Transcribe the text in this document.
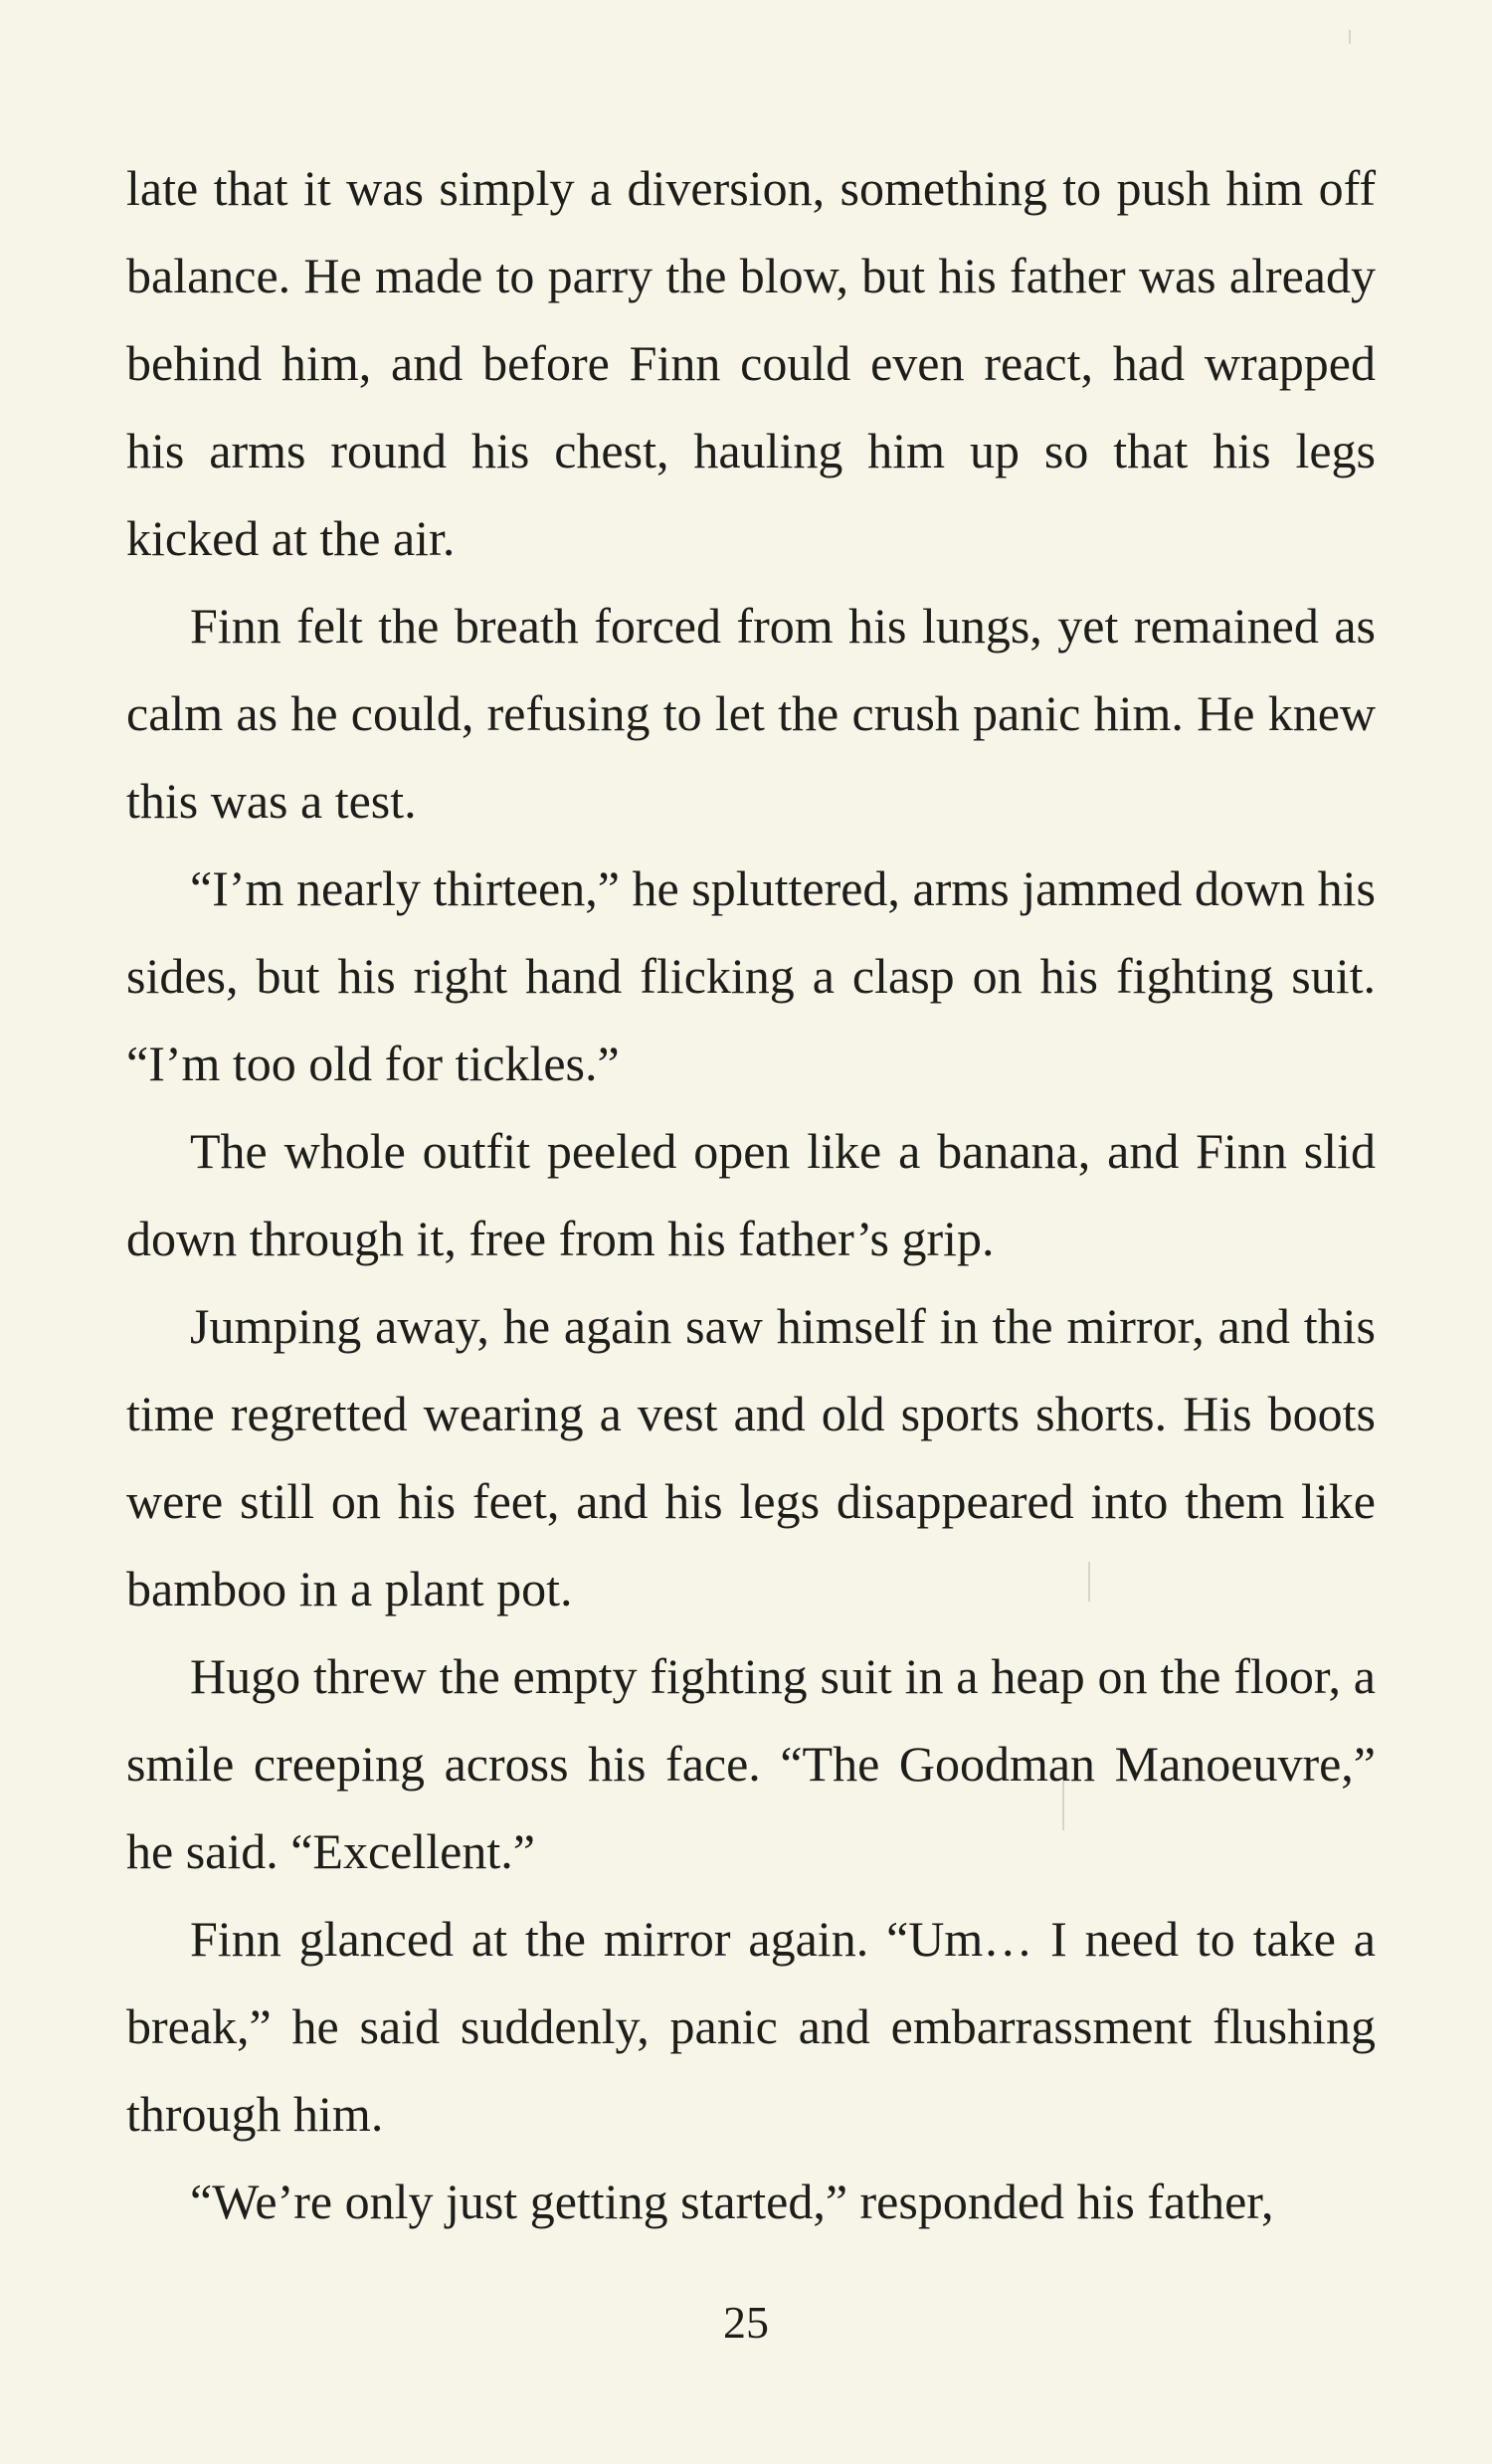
late that it was simply a diversion, something to push him off balance. He made to parry the blow, but his father was already behind him, and before Finn could even react, had wrapped his arms round his chest, hauling him up so that his legs kicked at the air.

Finn felt the breath forced from his lungs, yet remained as calm as he could, refusing to let the crush panic him. He knew this was a test.

“I’m nearly thirteen,” he spluttered, arms jammed down his sides, but his right hand flicking a clasp on his fighting suit. “I’m too old for tickles.”

The whole outfit peeled open like a banana, and Finn slid down through it, free from his father’s grip.

Jumping away, he again saw himself in the mirror, and this time regretted wearing a vest and old sports shorts. His boots were still on his feet, and his legs disappeared into them like bamboo in a plant pot.

Hugo threw the empty fighting suit in a heap on the floor, a smile creeping across his face. “The Goodman Manoeuvre,” he said. “Excellent.”

Finn glanced at the mirror again. “Um… I need to take a break,” he said suddenly, panic and embarrassment flushing through him.

“We’re only just getting started,” responded his father,

25
